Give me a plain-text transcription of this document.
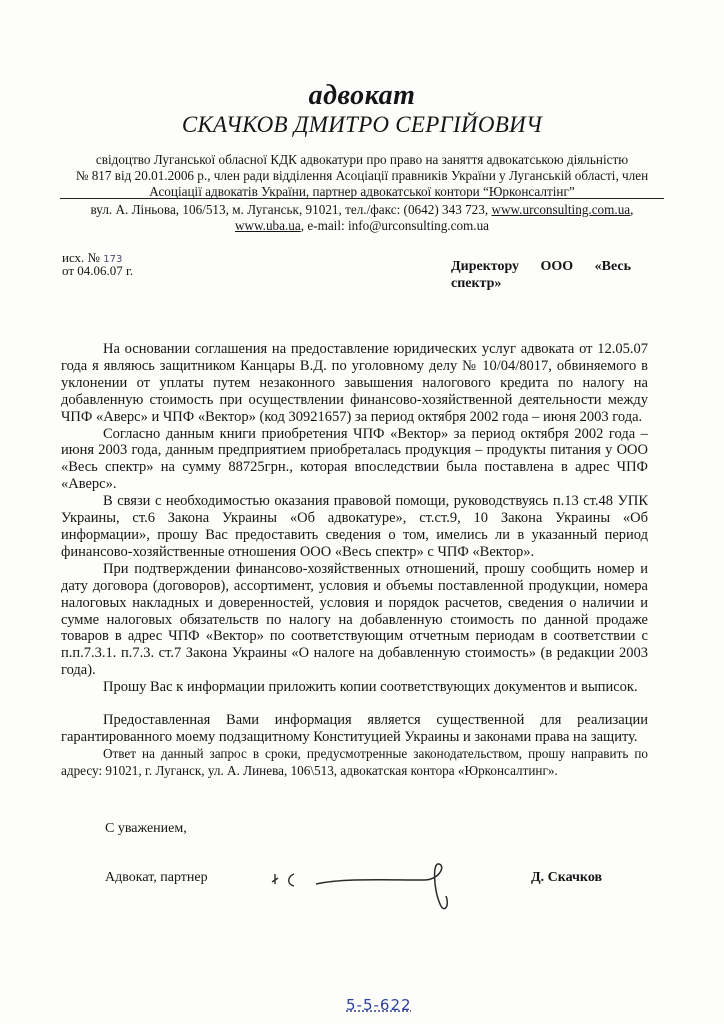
адвокат
СКАЧКОВ ДМИТРО СЕРГІЙОВИЧ
свідоцтво Луганської обласної КДК адвокатури про право на заняття адвокатською діяльністю
№ 817 від 20.01.2006 р., член ради відділення Асоціації правників України у Луганській області, член
Асоціації адвокатів України, партнер адвокатської контори “Юрконсалтінг”
вул. А. Ліньова, 106/513, м. Луганськ, 91021, тел./факс: (0642) 343 723, www.urconsulting.com.ua,
www.uba.ua, e-mail: info@urconsulting.com.ua
исх. № 173
от 04.06.07 г.	Директору ООО «Весь
спектр»

На основании соглашения на предоставление юридических услуг адвоката от 12.05.07 года я являюсь защитником Канцары В.Д. по уголовному делу № 10/04/8017, обвиняемого в уклонении от уплаты путем незаконного завышения налогового кредита по налогу на добавленную стоимость при осуществлении финансово-хозяйственной деятельности между ЧПФ «Аверс» и ЧПФ «Вектор» (код 30921657) за период октября 2002 года – июня 2003 года.

Согласно данным книги приобретения ЧПФ «Вектор» за период октября 2002 года – июня 2003 года, данным предприятием приобреталась продукция – продукты питания у ООО «Весь спектр» на сумму 88725грн., которая впоследствии была поставлена в адрес ЧПФ «Аверс».

В связи с необходимостью оказания правовой помощи, руководствуясь п.13 ст.48 УПК Украины, ст.6 Закона Украины «Об адвокатуре», ст.ст.9, 10 Закона Украины «Об информации», прошу Вас предоставить сведения о том, имелись ли в указанный период финансово-хозяйственные отношения ООО «Весь спектр» с ЧПФ «Вектор».

При подтверждении финансово-хозяйственных отношений, прошу сообщить номер и дату договора (договоров), ассортимент, условия и объемы поставленной продукции, номера налоговых накладных и доверенностей, условия и порядок расчетов, сведения о наличии и сумме налоговых обязательств по налогу на добавленную стоимость по данной продаже товаров в адрес ЧПФ «Вектор» по соответствующим отчетным периодам в соответствии с п.п.7.3.1. п.7.3. ст.7 Закона Украины «О налоге на добавленную стоимость» (в редакции 2003 года).

Прошу Вас к информации приложить копии соответствующих документов и выписок.

Предоставленная Вами информация является существенной для реализации гарантированного моему подзащитному Конституцией Украины и законами права на защиту.

Ответ на данный запрос в сроки, предусмотренные законодательством, прошу направить по адресу: 91021, г. Луганск, ул. А. Линева, 106\513, адвокатская контора «Юрконсалтинг».

С уважением,
Адвокат, партнер	Д. Скачков
5-5-622
